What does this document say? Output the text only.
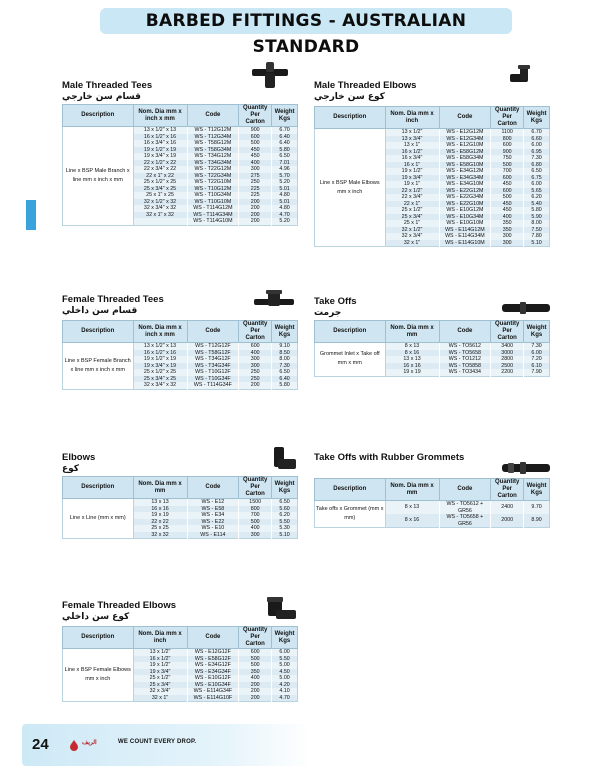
BARBED FITTINGS - AUSTRALIAN STANDARD
Male Threaded Tees
قسام سن خارجي
Description	Nom. Dia mm x inch x mm	Code	Quantity Per Carton	Weight Kgs
Line x BSP Male Branch x line mm x inch x mm	13 x 1/2" x 13	WS - T12G12M	900	6.70
	16 x 1/2" x 16	WS - T12G34M	600	6.40
	16 x 3/4" x 16	WS - T58G12M	500	6.40
	19 x 1/2" x 19	WS - T58G34M	450	5.80
	19 x 3/4" x 19	WS - T34G12M	450	6.50
	22 x 1/2" x 22	WS - T34G34M	400	7.01
	22 x 3/4" x 22	WS - T22G12M	300	4.96
	22 x 1" x 22	WS - T22G34M	275	5.70
	25 x 1/2" x 25	WS - T22G10M	250	5.20
	25 x 3/4" x 25	WS - T10G12M	225	5.01
	25 x 1" x 25	WS - T10G34M	225	4.80
	32 x 1/2" x 32	WS - T10G10M	200	5.01
	32 x 3/4" x 32	WS - T114G12M	200	4.80
	32 x 1" x 32	WS - T114G34M	200	4.70
		WS - T114G10M	200	5.20
Male Threaded Elbows
كوع سن خارجي
Description	Nom. Dia mm x inch	Code	Quantity Per Carton	Weight Kgs
Line x BSP Male Elbows mm x inch	13 x 1/2"	WS - E12G12M	1100	6.70
	13 x 3/4"	WS - E12G34M	800	6.60
	13 x 1"	WS - E12G10M	600	6.00
	16 x 1/2"	WS - E58G12M	900	6.95
	16 x 3/4"	WS - E58G34M	750	7.30
	16 x 1"	WS - E58G10M	500	6.80
	19 x 1/2"	WS - E34G12M	700	6.50
	19 x 3/4"	WS - E34G34M	600	6.75
	19 x 1"	WS - E34G10M	450	6.00
	22 x 1/2"	WS - E22G12M	600	5.65
	22 x 3/4"	WS - E22G34M	500	6.20
	22 x 1"	WS - E22G10M	450	5.40
	25 x 1/2"	WS - E10G12M	450	5.80
	25 x 3/4"	WS - E10G34M	400	5.90
	25 x 1"	WS - E10G10M	350	8.00
	32 x 1/2"	WS - E114G12M	350	7.50
	32 x 3/4"	WS - E114G34M	300	7.80
	32 x 1"	WS - E114G10M	300	5.10
Female Threaded Tees
قسام سن داخلي
Description	Nom. Dia mm x inch x mm	Code	Quantity Per Carton	Weight Kgs
Line x BSP Female Branch x line mm x inch x mm	13 x 1/2" x 13	WS - T12G12F	600	9.10
	16 x 1/2" x 16	WS - T58G12F	400	8.50
	19 x 1/2" x 19	WS - T34G12F	300	8.00
	19 x 3/4" x 19	WS - T34G34F	300	7.30
	25 x 1/2" x 25	WS - T10G12F	250	6.50
	25 x 3/4" x 25	WS - T10G34F	250	6.40
	32 x 3/4" x 32	WS - T114G34F	200	5.80
Take Offs
جرمت
Description	Nom. Dia mm x mm	Code	Quantity Per Carton	Weight Kgs
Grommet Inlet x Take off mm x mm	8 x 13	WS - TO5612	3400	7.30
	8 x 16	WS - TO5658	3000	6.00
	13 x 13	WS - TO1212	2800	7.20
	16 x 16	WS - TO5858	2500	6.10
	19 x 19	WS - TO3434	2200	7.90
Elbows
كوع
Description	Nom. Dia mm x mm	Code	Quantity Per Carton	Weight Kgs
Line x Line (mm x mm)	13 x 13	WS - E12	1500	6.50
	16 x 16	WS - E58	800	5.60
	19 x 19	WS - E34	700	6.20
	22 x 22	WS - E22	500	5.50
	25 x 25	WS - E10	400	5.30
	32 x 32	WS - E114	300	5.10
Take Offs with Rubber Grommets
Description	Nom. Dia mm x mm	Code	Quantity Per Carton	Weight Kgs
Take offs x Grommet (mm x mm)	8 x 13	WS - TO5612 + GR56	2400	9.70
	8 x 16	WS - TO5658 + GR56	2000	8.90
Female Threaded Elbows
كوع سن داخلي
Description	Nom. Dia mm x inch	Code	Quantity Per Carton	Weight Kgs
Line x BSP Female Elbows mm x inch	13 x 1/2"	WS - E12G12F	600	6.00
	16 x 1/2"	WS - E58G12F	500	5.50
	19 x 1/2"	WS - E34G12F	500	5.00
	19 x 3/4"	WS - E34G34F	350	4.50
	25 x 1/2"	WS - E10G12F	400	5.00
	25 x 3/4"	WS - E10G34F	200	4.20
	32 x 3/4"	WS - E114G34F	200	4.10
	32 x 1"	WS - E114G10F	200	4.70
24	الريف	WE COUNT EVERY DROP.
